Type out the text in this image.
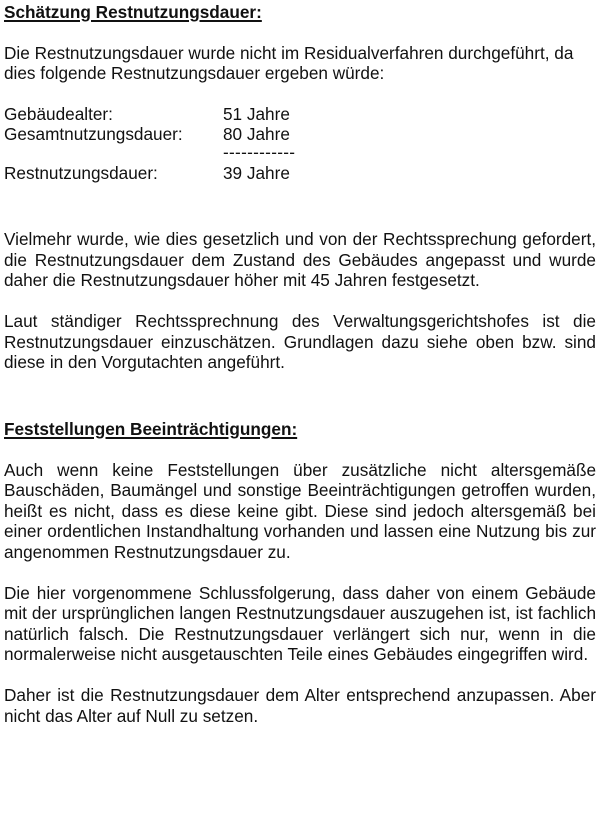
Schätzung Restnutzungsdauer:

Die Restnutzungsdauer wurde nicht im Residualverfahren durchgeführt, da dies folgende Restnutzungsdauer ergeben würde:

Gebäudealter:	51 Jahre
Gesamtnutzungsdauer:	80 Jahre
------------
Restnutzungsdauer:	39 Jahre

Vielmehr wurde, wie dies gesetzlich und von der Rechtssprechung gefordert, die Restnutzungsdauer dem Zustand des Gebäudes angepasst und wurde daher die Restnutzungsdauer höher mit 45 Jahren festgesetzt.

Laut ständiger Rechtssprechnung des Verwaltungsgerichtshofes ist die Restnutzungsdauer einzuschätzen. Grundlagen dazu siehe oben bzw. sind diese in den Vorgutachten angeführt.

Feststellungen Beeinträchtigungen:

Auch wenn keine Feststellungen über zusätzliche nicht altersgemäße Bauschäden, Baumängel und sonstige Beeinträchtigungen getroffen wurden, heißt es nicht, dass es diese keine gibt. Diese sind jedoch altersgemäß bei einer ordentlichen Instandhaltung vorhanden und lassen eine Nutzung bis zur angenommen Restnutzungsdauer zu.

Die hier vorgenommene Schlussfolgerung, dass daher von einem Gebäude mit der ursprünglichen langen Restnutzungsdauer auszugehen ist, ist fachlich natürlich falsch. Die Restnutzungsdauer verlängert sich nur, wenn in die normalerweise nicht ausgetauschten Teile eines Gebäudes eingegriffen wird.

Daher ist die Restnutzungsdauer dem Alter entsprechend anzupassen. Aber nicht das Alter auf Null zu setzen.
